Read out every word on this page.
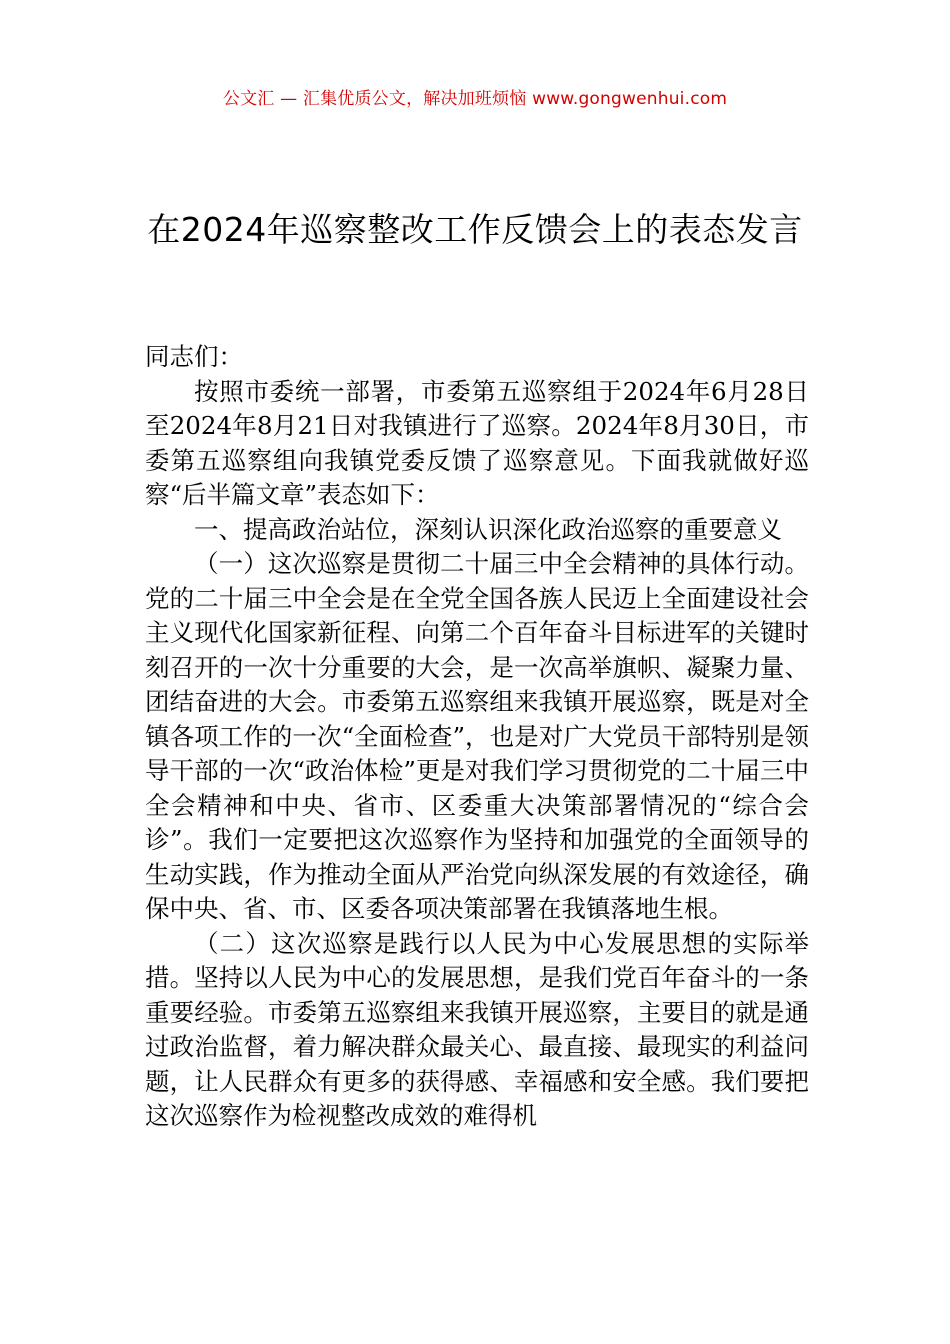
公文汇 — 汇集优质公文，解决加班烦恼 www.gongwenhui.com
在2024年巡察整改工作反馈会上的表态发言

同志们：

按照市委统一部署，市委第五巡察组于2024年6月28日至2024年8月21日对我镇进行了巡察。2024年8月30日，市委第五巡察组向我镇党委反馈了巡察意见。下面我就做好巡察“后半篇文章”表态如下：

一、提高政治站位，深刻认识深化政治巡察的重要意义

（一）这次巡察是贯彻二十届三中全会精神的具体行动。党的二十届三中全会是在全党全国各族人民迈上全面建设社会主义现代化国家新征程、向第二个百年奋斗目标进军的关键时刻召开的一次十分重要的大会，是一次高举旗帜、凝聚力量、团结奋进的大会。市委第五巡察组来我镇开展巡察，既是对全镇各项工作的一次“全面检查”，也是对广大党员干部特别是领导干部的一次“政治体检”更是对我们学习贯彻党的二十届三中全会精神和中央、省市、区委重大决策部署情况的“综合会诊”。我们一定要把这次巡察作为坚持和加强党的全面领导的生动实践，作为推动全面从严治党向纵深发展的有效途径，确保中央、省、市、区委各项决策部署在我镇落地生根。

（二）这次巡察是践行以人民为中心发展思想的实际举措。坚持以人民为中心的发展思想，是我们党百年奋斗的一条重要经验。市委第五巡察组来我镇开展巡察，主要目的就是通过政治监督，着力解决群众最关心、最直接、最现实的利益问题，让人民群众有更多的获得感、幸福感和安全感。我们要把这次巡察作为检视整改成效的难得机
